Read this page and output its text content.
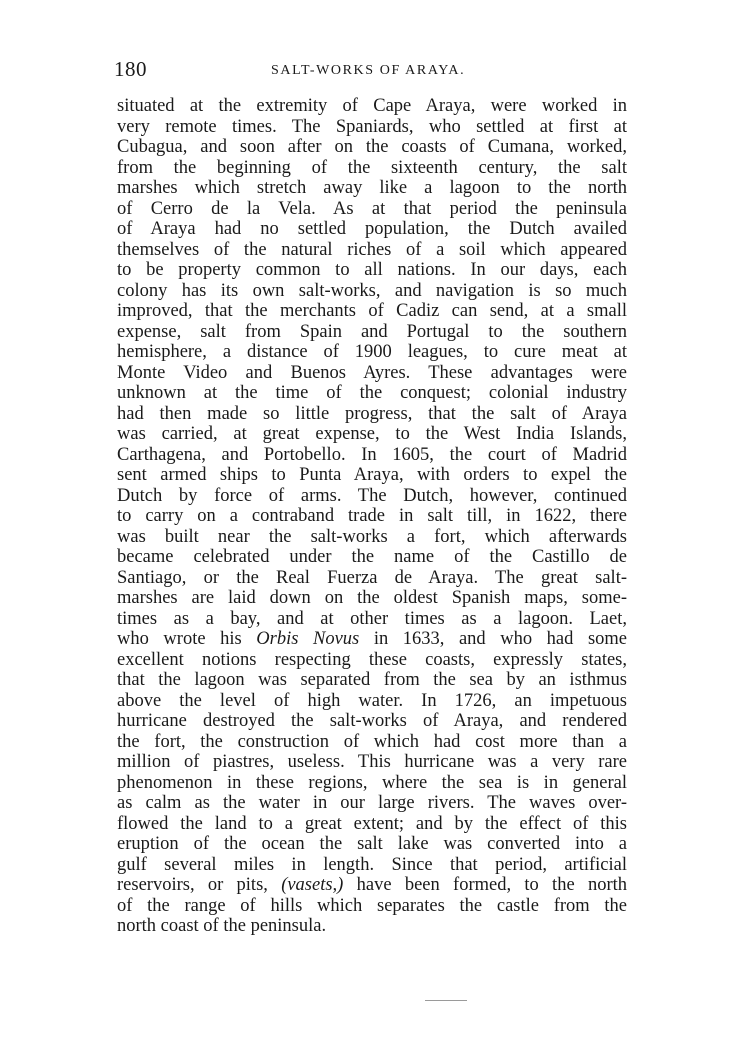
180	SALT-WORKS OF ARAYA.
situated at the extremity of Cape Araya, were worked in
very remote times. The Spaniards, who settled at first at
Cubagua, and soon after on the coasts of Cumana, worked,
from the beginning of the sixteenth century, the salt
marshes which stretch away like a lagoon to the north
of Cerro de la Vela. As at that period the peninsula
of Araya had no settled population, the Dutch availed
themselves of the natural riches of a soil which appeared
to be property common to all nations. In our days, each
colony has its own salt-works, and navigation is so much
improved, that the merchants of Cadiz can send, at a small
expense, salt from Spain and Portugal to the southern
hemisphere, a distance of 1900 leagues, to cure meat at
Monte Video and Buenos Ayres. These advantages were
unknown at the time of the conquest; colonial industry
had then made so little progress, that the salt of Araya
was carried, at great expense, to the West India Islands,
Carthagena, and Portobello. In 1605, the court of Madrid
sent armed ships to Punta Araya, with orders to expel the
Dutch by force of arms. The Dutch, however, continued
to carry on a contraband trade in salt till, in 1622, there
was built near the salt-works a fort, which afterwards
became celebrated under the name of the Castillo de
Santiago, or the Real Fuerza de Araya. The great salt-
marshes are laid down on the oldest Spanish maps, some-
times as a bay, and at other times as a lagoon. Laet,
who wrote his Orbis Novus in 1633, and who had some
excellent notions respecting these coasts, expressly states,
that the lagoon was separated from the sea by an isthmus
above the level of high water. In 1726, an impetuous
hurricane destroyed the salt-works of Araya, and rendered
the fort, the construction of which had cost more than a
million of piastres, useless. This hurricane was a very rare
phenomenon in these regions, where the sea is in general
as calm as the water in our large rivers. The waves over-
flowed the land to a great extent; and by the effect of this
eruption of the ocean the salt lake was converted into a
gulf several miles in length. Since that period, artificial
reservoirs, or pits, (vasets,) have been formed, to the north
of the range of hills which separates the castle from the
north coast of the peninsula.
